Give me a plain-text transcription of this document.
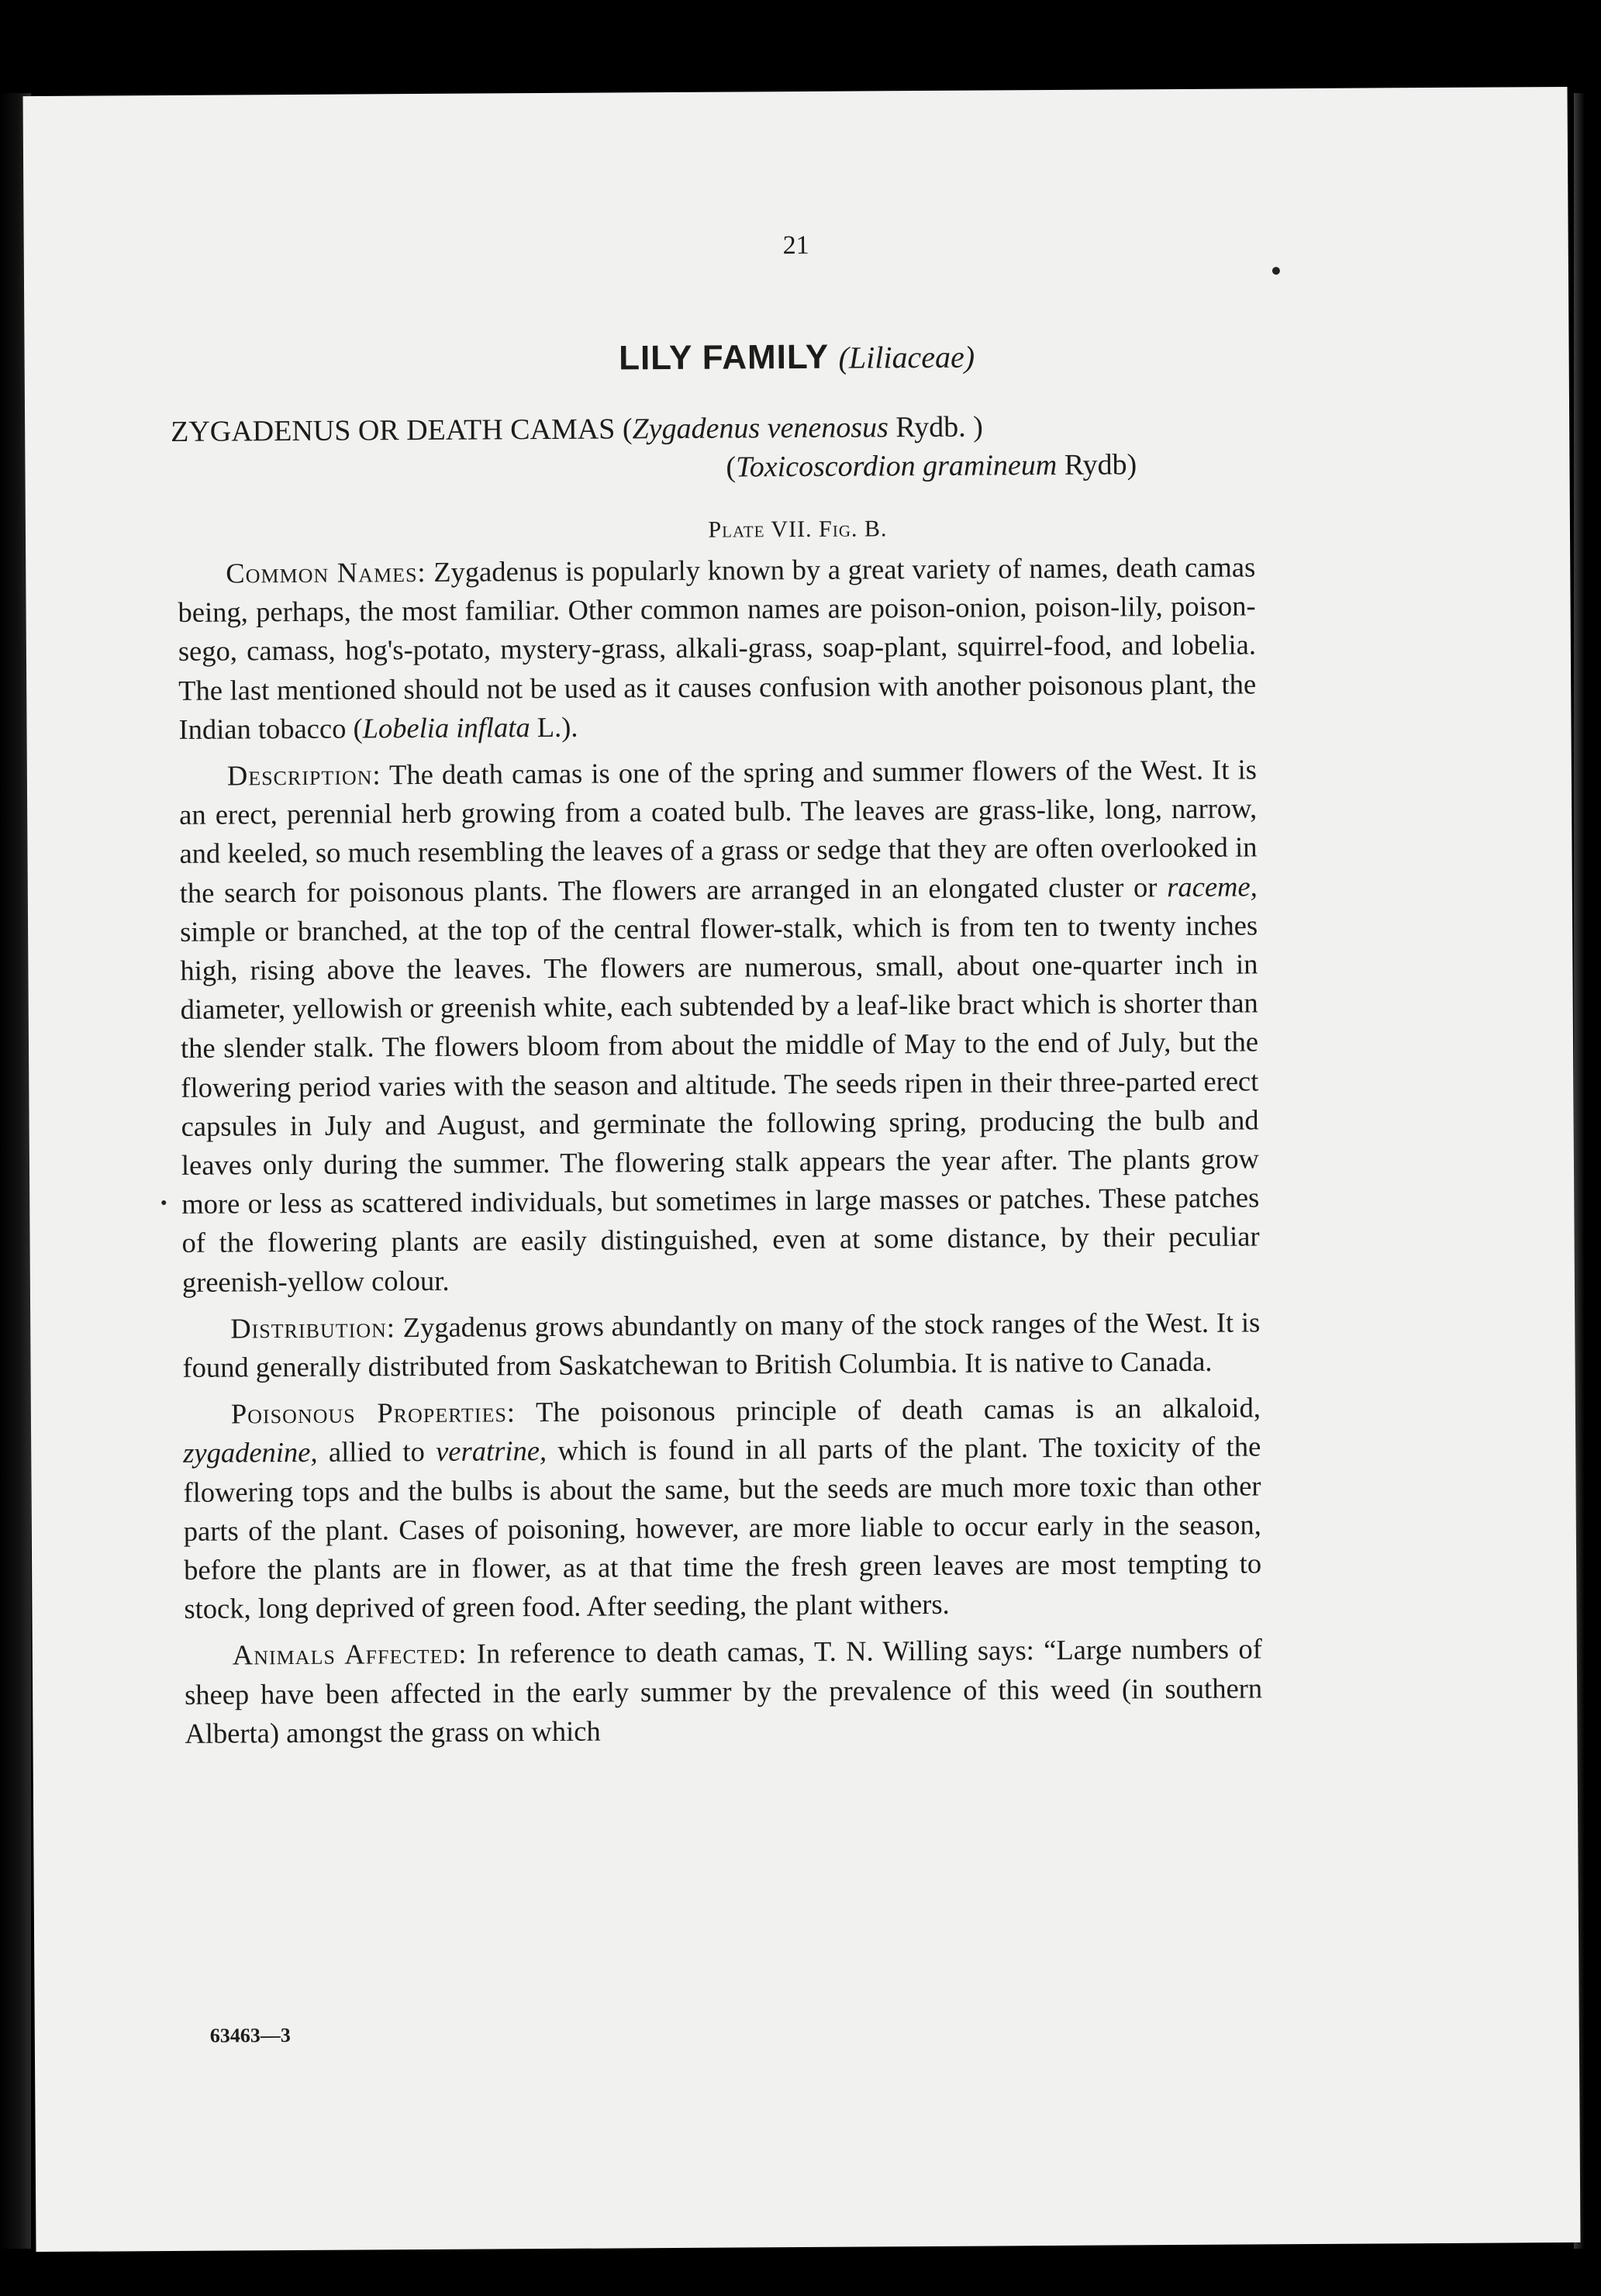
21
LILY FAMILY (Liliaceae)
ZYGADENUS OR DEATH CAMAS (Zygadenus venenosus Rydb. )
(Toxicoscordion gramineum Rydb)
Plate VII. Fig. B.

Common Names: Zygadenus is popularly known by a great variety of names, death camas being, perhaps, the most familiar. Other common names are poison-onion, poison-lily, poison-sego, camass, hog's-potato, mystery-grass, alkali-grass, soap-plant, squirrel-food, and lobelia. The last mentioned should not be used as it causes confusion with another poisonous plant, the Indian tobacco (Lobelia inflata L.).

Description: The death camas is one of the spring and summer flowers of the West. It is an erect, perennial herb growing from a coated bulb. The leaves are grass-like, long, narrow, and keeled, so much resembling the leaves of a grass or sedge that they are often overlooked in the search for poisonous plants. The flowers are arranged in an elongated cluster or raceme, simple or branched, at the top of the central flower-stalk, which is from ten to twenty inches high, rising above the leaves. The flowers are numerous, small, about one-quarter inch in diameter, yellowish or greenish white, each subtended by a leaf-like bract which is shorter than the slender stalk. The flowers bloom from about the middle of May to the end of July, but the flowering period varies with the season and altitude. The seeds ripen in their three-parted erect capsules in July and August, and germinate the following spring, producing the bulb and leaves only during the summer. The flowering stalk appears the year after. The plants grow more or less as scattered individuals, but sometimes in large masses or patches. These patches of the flowering plants are easily distinguished, even at some distance, by their peculiar greenish-yellow colour.

Distribution: Zygadenus grows abundantly on many of the stock ranges of the West. It is found generally distributed from Saskatchewan to British Columbia. It is native to Canada.

Poisonous Properties: The poisonous principle of death camas is an alkaloid, zygadenine, allied to veratrine, which is found in all parts of the plant. The toxicity of the flowering tops and the bulbs is about the same, but the seeds are much more toxic than other parts of the plant. Cases of poisoning, however, are more liable to occur early in the season, before the plants are in flower, as at that time the fresh green leaves are most tempting to stock, long deprived of green food. After seeding, the plant withers.

Animals Affected: In reference to death camas, T. N. Willing says: “Large numbers of sheep have been affected in the early summer by the prevalence of this weed (in southern Alberta) amongst the grass on which

63463—3
